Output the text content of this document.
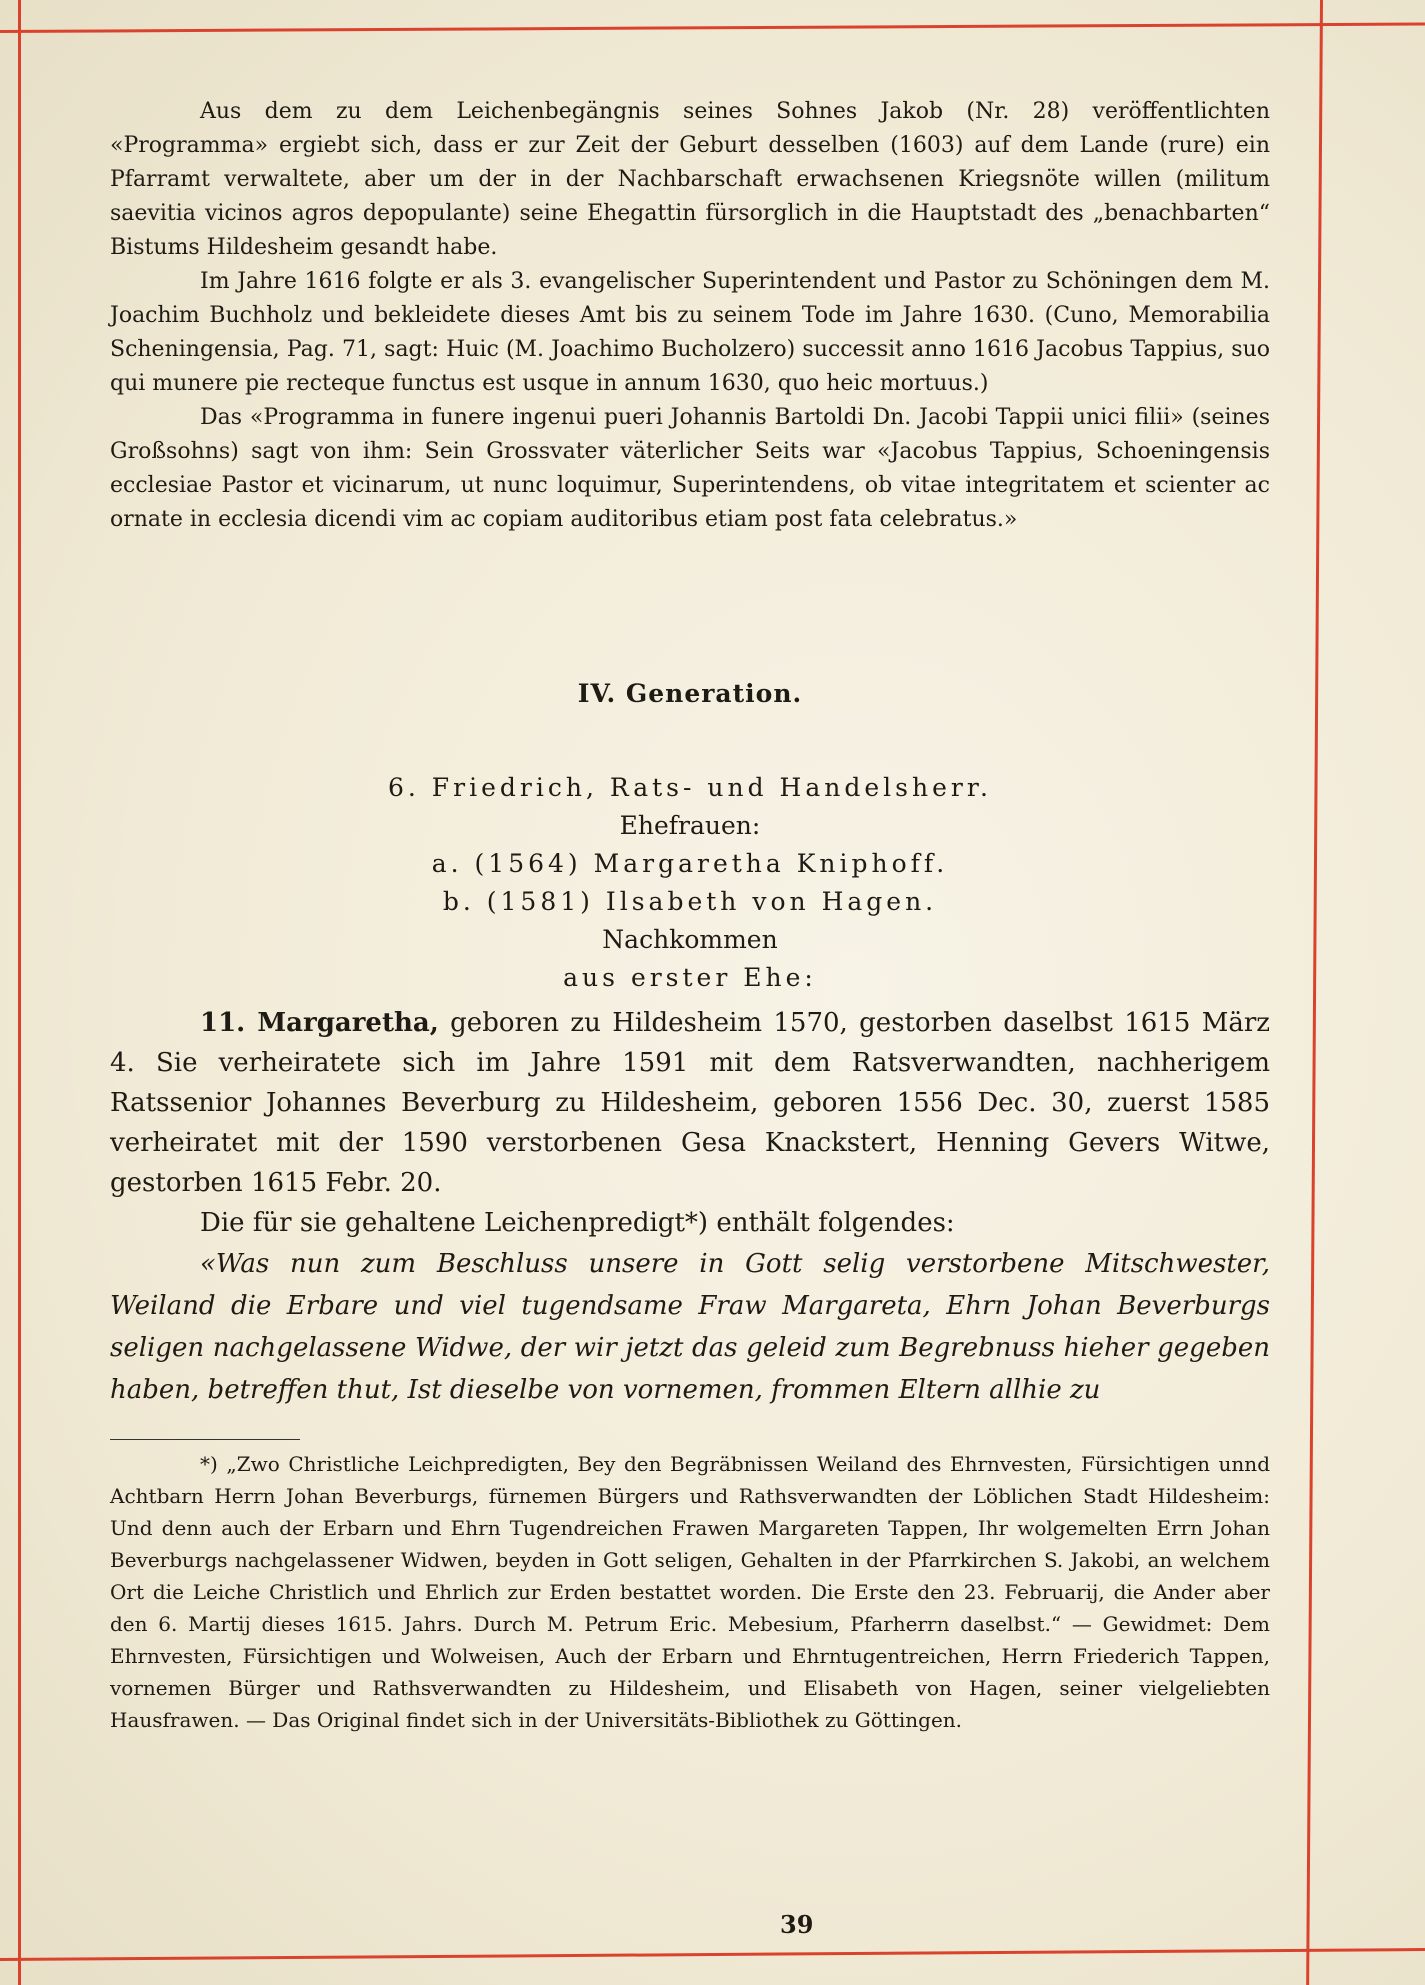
Aus dem zu dem Leichenbegängnis seines Sohnes Jakob (Nr. 28) veröffentlichten «Programma» ergiebt sich, dass er zur Zeit der Geburt desselben (1603) auf dem Lande (rure) ein Pfarramt verwaltete, aber um der in der Nachbarschaft erwachsenen Kriegsnöte willen (militum saevitia vicinos agros depopulante) seine Ehegattin fürsorglich in die Hauptstadt des „benachbarten“ Bistums Hildesheim gesandt habe.

Im Jahre 1616 folgte er als 3. evangelischer Superintendent und Pastor zu Schöningen dem M. Joachim Buchholz und bekleidete dieses Amt bis zu seinem Tode im Jahre 1630. (Cuno, Memorabilia Scheningensia, Pag. 71, sagt: Huic (M. Joachimo Bucholzero) successit anno 1616 Jacobus Tappius, suo qui munere pie recteque functus est usque in annum 1630, quo heic mortuus.)

Das «Programma in funere ingenui pueri Johannis Bartoldi Dn. Jacobi Tappii unici filii» (seines Großsohns) sagt von ihm: Sein Grossvater väterlicher Seits war «Jacobus Tappius, Schoeningensis ecclesiae Pastor et vicinarum, ut nunc loquimur, Superintendens, ob vitae integritatem et scienter ac ornate in ecclesia dicendi vim ac copiam auditoribus etiam post fata celebratus.»

IV. Generation.
6. Friedrich, Rats- und Handelsherr.
Ehefrauen:
a. (1564) Margaretha Kniphoff.
b. (1581) Ilsabeth von Hagen.
Nachkommen
aus erster Ehe:

11. Margaretha, geboren zu Hildesheim 1570, gestorben daselbst 1615 März 4. Sie verheiratete sich im Jahre 1591 mit dem Ratsverwandten, nachherigem Ratssenior Johannes Beverburg zu Hildesheim, geboren 1556 Dec. 30, zuerst 1585 verheiratet mit der 1590 verstorbenen Gesa Knackstert, Henning Gevers Witwe, gestorben 1615 Febr. 20.

Die für sie gehaltene Leichenpredigt*) enthält folgendes:

«Was nun zum Beschluss unsere in Gott selig verstorbene Mitschwester, Weiland die Erbare und viel tugendsame Fraw Margareta, Ehrn Johan Beverburgs seligen nachgelassene Widwe, der wir jetzt das geleid zum Begrebnuss hieher gegeben haben, betreffen thut, Ist dieselbe von vornemen, frommen Eltern allhie zu

*) „Zwo Christliche Leichpredigten, Bey den Begräbnissen Weiland des Ehrnvesten, Fürsichtigen unnd Achtbarn Herrn Johan Beverburgs, fürnemen Bürgers und Rathsverwandten der Löblichen Stadt Hildesheim: Und denn auch der Erbarn und Ehrn Tugendreichen Frawen Margareten Tappen, Ihr wolgemelten Errn Johan Beverburgs nachgelassener Widwen, beyden in Gott seligen, Gehalten in der Pfarrkirchen S. Jakobi, an welchem Ort die Leiche Christlich und Ehrlich zur Erden bestattet worden. Die Erste den 23. Februarij, die Ander aber den 6. Martij dieses 1615. Jahrs. Durch M. Petrum Eric. Mebesium, Pfarherrn daselbst.“ — Gewidmet: Dem Ehrnvesten, Fürsichtigen und Wolweisen, Auch der Erbarn und Ehrntugentreichen, Herrn Friederich Tappen, vornemen Bürger und Rathsverwandten zu Hildesheim, und Elisabeth von Hagen, seiner vielgeliebten Hausfrawen. — Das Original findet sich in der Universitäts-Bibliothek zu Göttingen.

39
